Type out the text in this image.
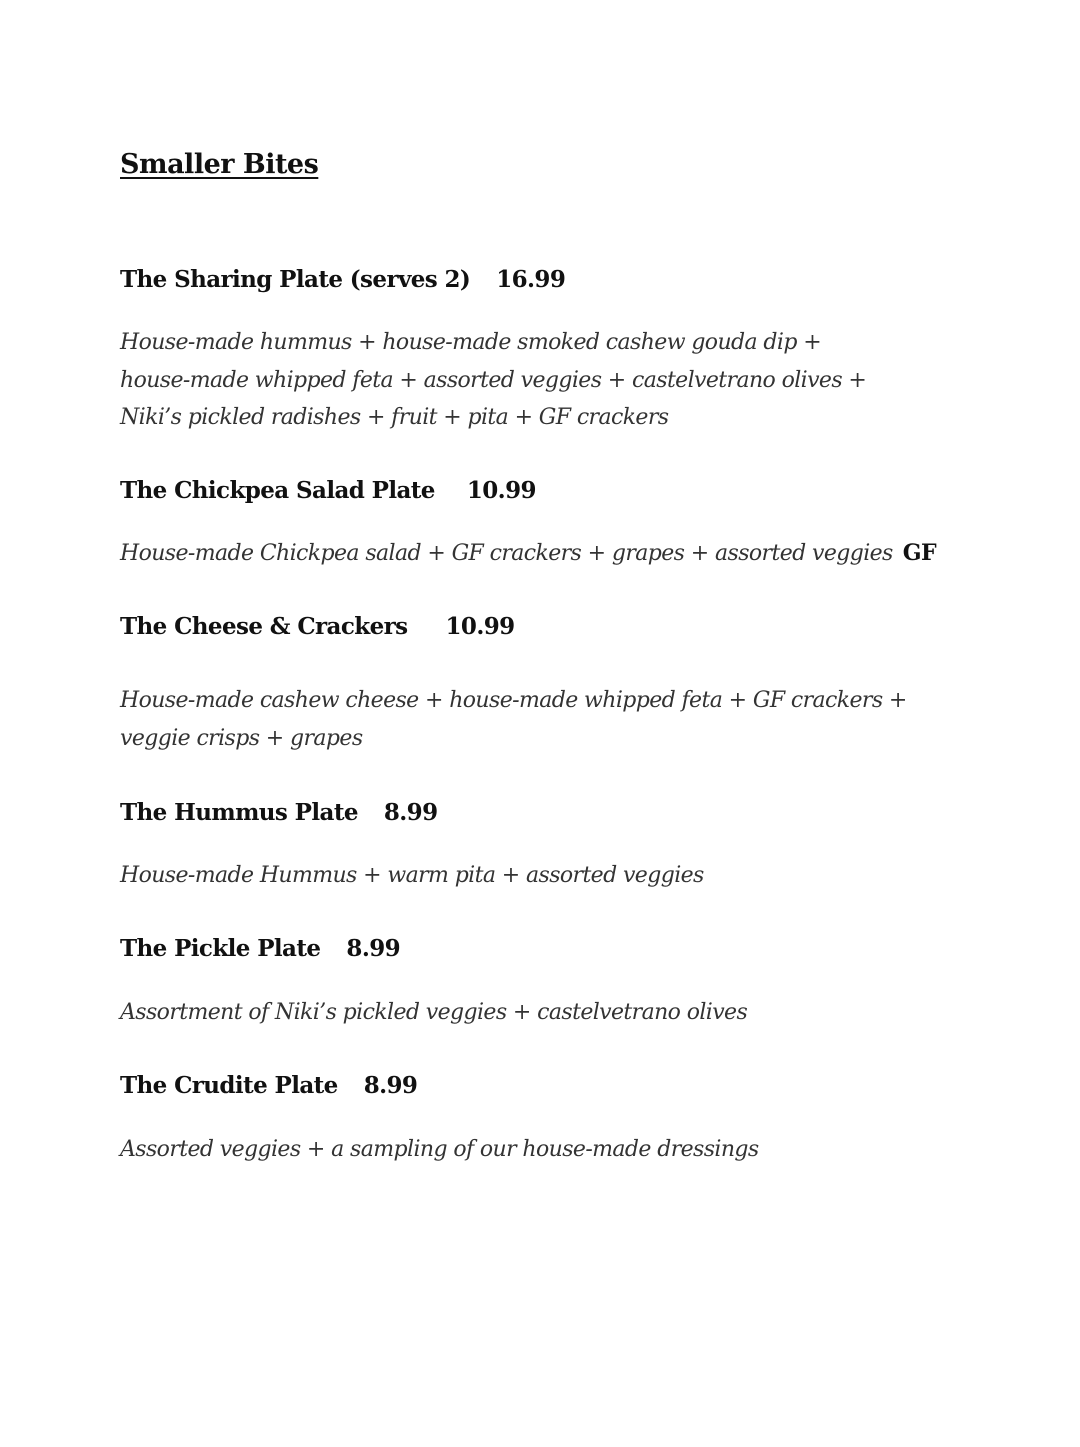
Smaller Bites
The Sharing Plate (serves 2) 16.99
House-made hummus + house-made smoked cashew gouda dip +
house-made whipped feta + assorted veggies + castelvetrano olives +
Niki’s pickled radishes + fruit + pita + GF crackers
The Chickpea Salad Plate 10.99
House-made Chickpea salad + GF crackers + grapes + assorted veggies GF
The Cheese & Crackers 10.99
House-made cashew cheese + house-made whipped feta + GF crackers +
veggie crisps + grapes
The Hummus Plate 8.99
House-made Hummus + warm pita + assorted veggies
The Pickle Plate 8.99
Assortment of Niki’s pickled veggies + castelvetrano olives
The Crudite Plate 8.99
Assorted veggies + a sampling of our house-made dressings
